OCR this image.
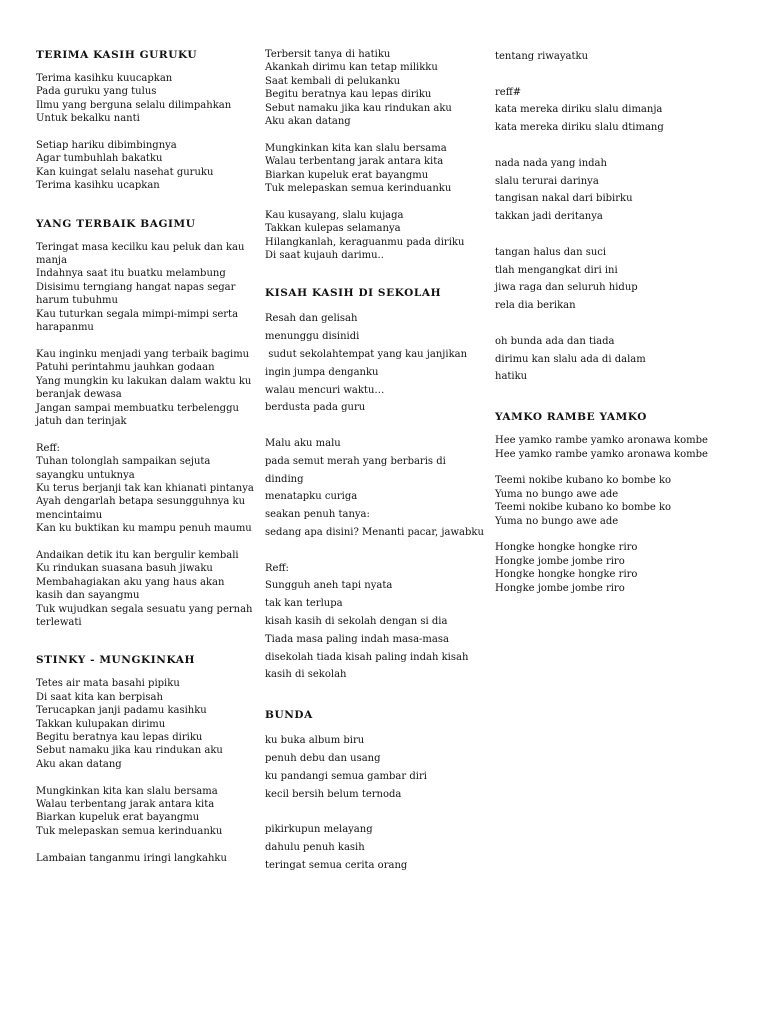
TERIMA KASIH GURUKU
Terima kasihku kuucapkan
Pada guruku yang tulus
Ilmu yang berguna selalu dilimpahkan
Untuk bekalku nanti
Setiap hariku dibimbingnya
Agar tumbuhlah bakatku
Kan kuingat selalu nasehat guruku
Terima kasihku ucapkan
YANG TERBAIK BAGIMU
Teringat masa kecilku kau peluk dan kau manja
Indahnya saat itu buatku melambung
Disisimu terngiang hangat napas segar harum tubuhmu
Kau tuturkan segala mimpi-mimpi serta harapanmu
Kau inginku menjadi yang terbaik bagimu
Patuhi perintahmu jauhkan godaan
Yang mungkin ku lakukan dalam waktu ku beranjak dewasa
Jangan sampai membuatku terbelenggu jatuh dan terinjak
Reff:
Tuhan tolonglah sampaikan sejuta sayangku untuknya
Ku terus berjanji tak kan khianati pintanya
Ayah dengarlah betapa sesungguhnya ku mencintaimu
Kan ku buktikan ku mampu penuh maumu
Andaikan detik itu kan bergulir kembali
Ku rindukan suasana basuh jiwaku
Membahagiakan aku yang haus akan kasih dan sayangmu
Tuk wujudkan segala sesuatu yang pernah terlewati
STINKY - MUNGKINKAH
Tetes air mata basahi pipiku
Di saat kita kan berpisah
Terucapkan janji padamu kasihku
Takkan kulupakan dirimu
Begitu beratnya kau lepas diriku
Sebut namaku jika kau rindukan aku
Aku akan datang
Mungkinkan kita kan slalu bersama
Walau terbentang jarak antara kita
Biarkan kupeluk erat bayangmu
Tuk melepaskan semua kerinduanku
Lambaian tanganmu iringi langkahku
Terbersit tanya di hatiku
Akankah dirimu kan tetap milikku
Saat kembali di pelukanku
Begitu beratnya kau lepas diriku
Sebut namaku jika kau rindukan aku
Aku akan datang
Mungkinkan kita kan slalu bersama
Walau terbentang jarak antara kita
Biarkan kupeluk erat bayangmu
Tuk melepaskan semua kerinduanku
Kau kusayang, slalu kujaga
Takkan kulepas selamanya
Hilangkanlah, keraguanmu pada diriku
Di saat kujauh darimu..
KISAH KASIH DI SEKOLAH
Resah dan gelisah
menunggu disinidi
sudut sekolahtempat yang kau janjikan
ingin jumpa denganku
walau mencuri waktu…
berdusta pada guru
Malu aku malu
pada semut merah yang berbaris di dinding
menatapku curiga
seakan penuh tanya:
sedang apa disini? Menanti pacar, jawabku
Reff:
Sungguh aneh tapi nyata
tak kan terlupa
kisah kasih di sekolah dengan si dia
Tiada masa paling indah masa-masa
disekolah tiada kisah paling indah kisah
kasih di sekolah
BUNDA
ku buka album biru
penuh debu dan usang
ku pandangi semua gambar diri
kecil bersih belum ternoda
pikirkupun melayang
dahulu penuh kasih
teringat semua cerita orang
tentang riwayatku
reff#
kata mereka diriku slalu dimanja
kata mereka diriku slalu dtimang
nada nada yang indah
slalu terurai darinya
tangisan nakal dari bibirku
takkan jadi deritanya
tangan halus dan suci
tlah mengangkat diri ini
jiwa raga dan seluruh hidup
rela dia berikan
oh bunda ada dan tiada
dirimu kan slalu ada di dalam
hatiku
YAMKO RAMBE YAMKO
Hee yamko rambe yamko aronawa kombe
Hee yamko rambe yamko aronawa kombe
Teemi nokibe kubano ko bombe ko
Yuma no bungo awe ade
Teemi nokibe kubano ko bombe ko
Yuma no bungo awe ade
Hongke hongke hongke riro
Hongke jombe jombe riro
Hongke hongke hongke riro
Hongke jombe jombe riro
